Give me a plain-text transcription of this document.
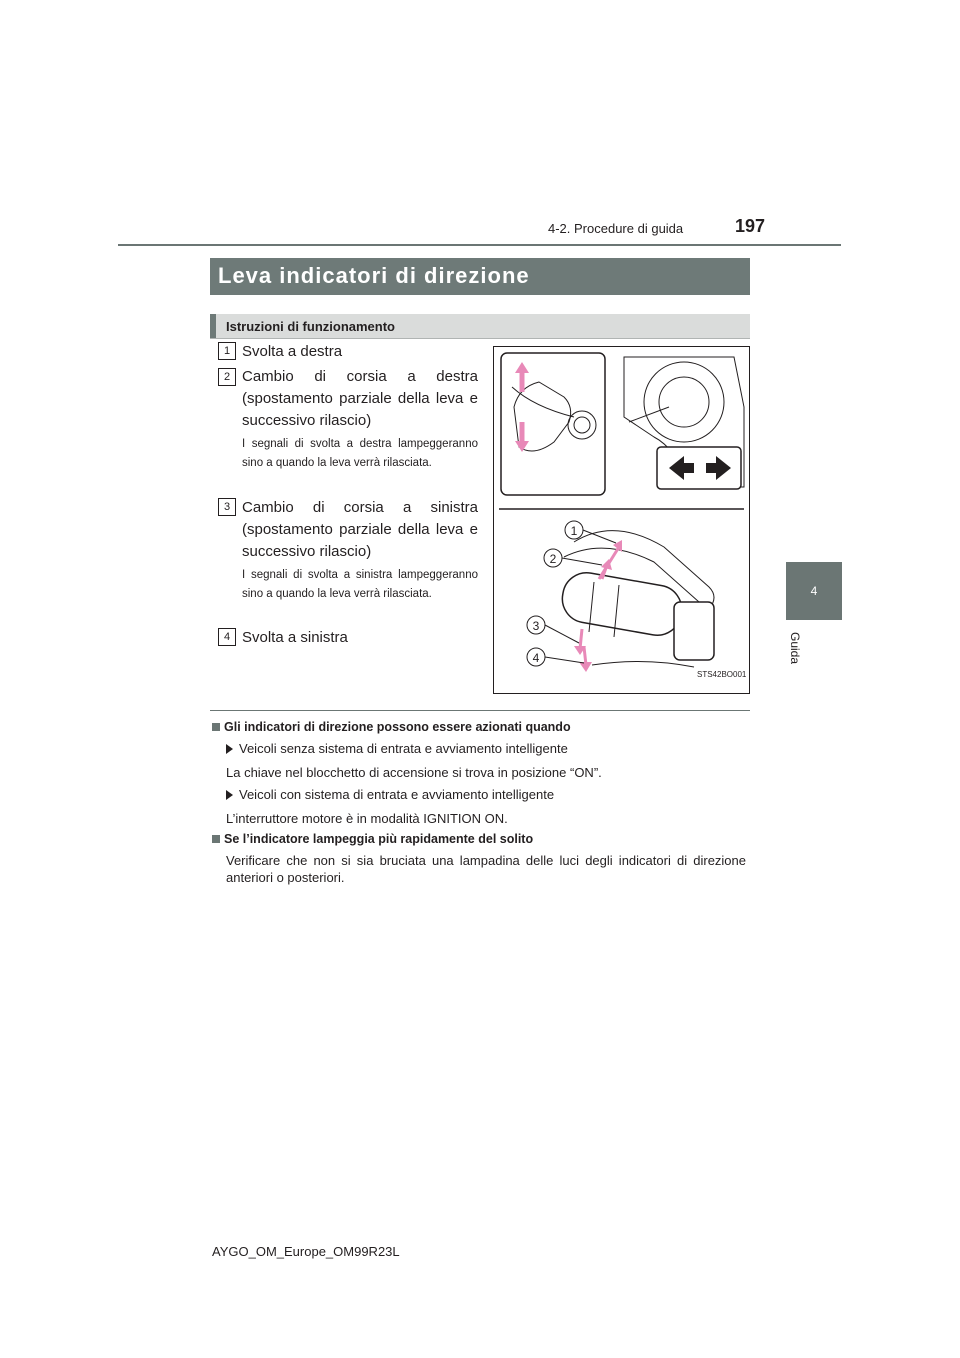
197
4-2. Procedure di guida
4
Guida
Leva indicatori di direzione
Istruzioni di funzionamento
1 Svolta a destra
2 Cambio di corsia a destra (spostamento parziale della leva e successivo rilascio)
I segnali di svolta a destra lampeggeranno sino a quando la leva verrà rilasciata.
3 Cambio di corsia a sinistra (spostamento parziale della leva e successivo rilascio)
I segnali di svolta a sinistra lampeggeranno sino a quando la leva verrà rilasciata.
4 Svolta a sinistra
1
2
3
4
STS42BO001
Gli indicatori di direzione possono essere azionati quando
Veicoli senza sistema di entrata e avviamento intelligente
La chiave nel blocchetto di accensione si trova in posizione “ON”.
Veicoli con sistema di entrata e avviamento intelligente
L’interruttore motore è in modalità IGNITION ON.
Se l’indicatore lampeggia più rapidamente del solito
Verificare che non si sia bruciata una lampadina delle luci degli indicatori di direzione anteriori o posteriori.
AYGO_OM_Europe_OM99R23L
